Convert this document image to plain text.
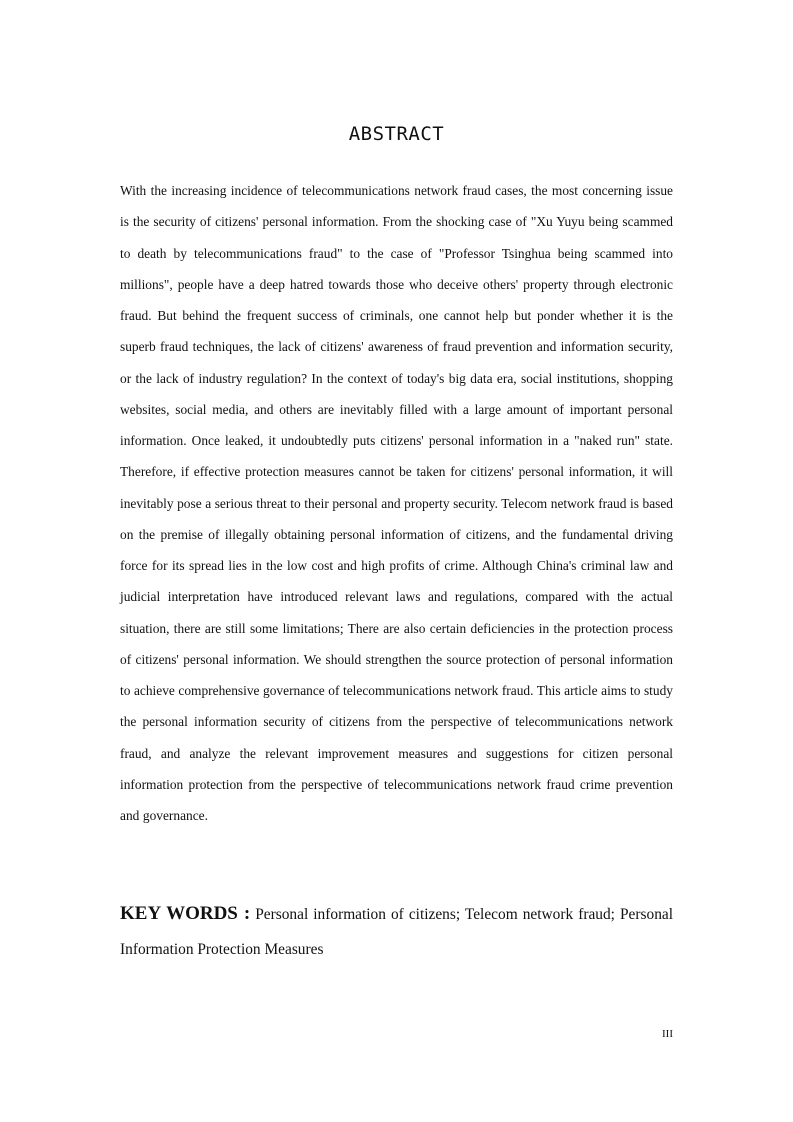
ABSTRACT

With the increasing incidence of telecommunications network fraud cases, the most concerning issue is the security of citizens' personal information. From the shocking case of "Xu Yuyu being scammed to death by telecommunications fraud" to the case of "Professor Tsinghua being scammed into millions", people have a deep hatred towards those who deceive others' property through electronic fraud. But behind the frequent success of criminals, one cannot help but ponder whether it is the superb fraud techniques, the lack of citizens' awareness of fraud prevention and information security, or the lack of industry regulation? In the context of today's big data era, social institutions, shopping websites, social media, and others are inevitably filled with a large amount of important personal information. Once leaked, it undoubtedly puts citizens' personal information in a "naked run" state. Therefore, if effective protection measures cannot be taken for citizens' personal information, it will inevitably pose a serious threat to their personal and property security. Telecom network fraud is based on the premise of illegally obtaining personal information of citizens, and the fundamental driving force for its spread lies in the low cost and high profits of crime. Although China's criminal law and judicial interpretation have introduced relevant laws and regulations, compared with the actual situation, there are still some limitations; There are also certain deficiencies in the protection process of citizens' personal information. We should strengthen the source protection of personal information to achieve comprehensive governance of telecommunications network fraud. This article aims to study the personal information security of citizens from the perspective of telecommunications network fraud, and analyze the relevant improvement measures and suggestions for citizen personal information protection from the perspective of telecommunications network fraud crime prevention and governance.

KEY WORDS : Personal information of citizens; Telecom network fraud; Personal Information Protection Measures

III
